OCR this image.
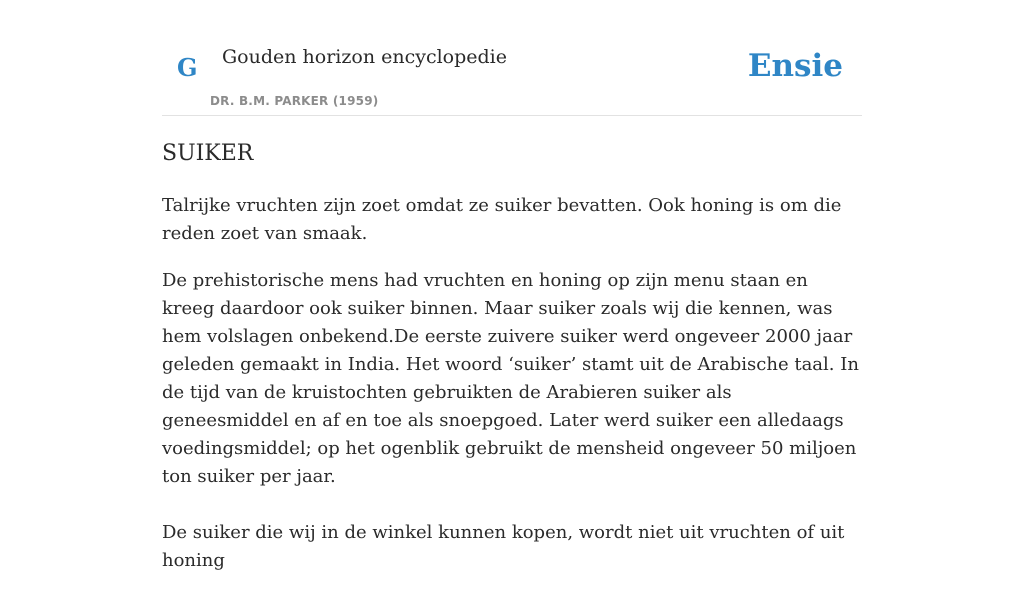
G Gouden horizon encyclopedie
DR. B.M. PARKER (1959)
Ensie
SUIKER

Talrijke vruchten zijn zoet omdat ze suiker bevatten. Ook honing is om die reden zoet van smaak.

De prehistorische mens had vruchten en honing op zijn menu staan en kreeg daardoor ook suiker binnen. Maar suiker zoals wij die kennen, was hem volslagen onbekend.De eerste zuivere suiker werd ongeveer 2000 jaar geleden gemaakt in India. Het woord ‘suiker’ stamt uit de Arabische taal. In de tijd van de kruistochten gebruikten de Arabieren suiker als geneesmiddel en af en toe als snoepgoed. Later werd suiker een alledaags voedingsmiddel; op het ogenblik gebruikt de mensheid ongeveer 50 miljoen ton suiker per jaar.

De suiker die wij in de winkel kunnen kopen, wordt niet uit vruchten of uit honing
